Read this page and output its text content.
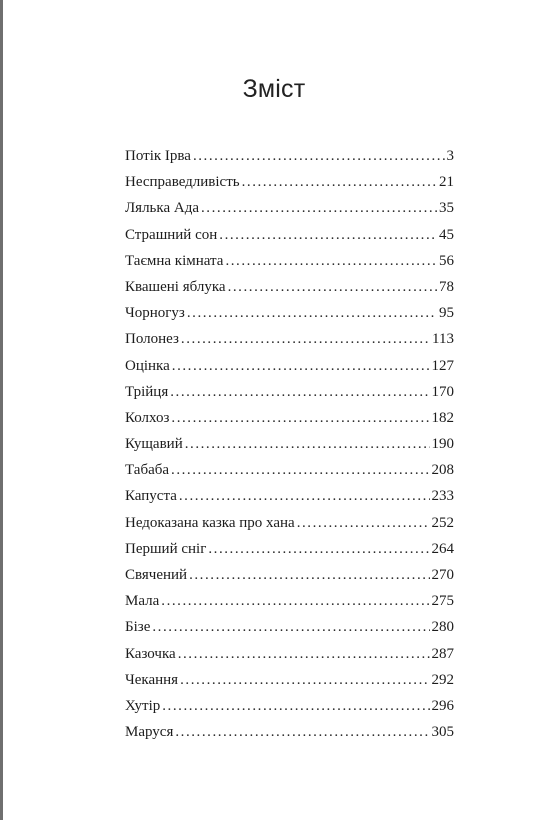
Зміст
Потік Ірва . . .	3
Несправедливість . . .	21
Лялька Ада . . .	35
Страшний сон . . .	45
Таємна кімната . . .	56
Квашені яблука . . .	78
Чорногуз . . .	95
Полонез . . .	113
Оцінка . . .	127
Трійця . . .	170
Колхоз . . .	182
Кущавий . . .	190
Табаба . . .	208
Капуста . . .	233
Недоказана казка про хана . . .	252
Перший сніг . . .	264
Свячений . . .	270
Мала . . .	275
Бізе . . .	280
Казочка . . .	287
Чекання . . .	292
Хутір . . .	296
Маруся . . .	305
